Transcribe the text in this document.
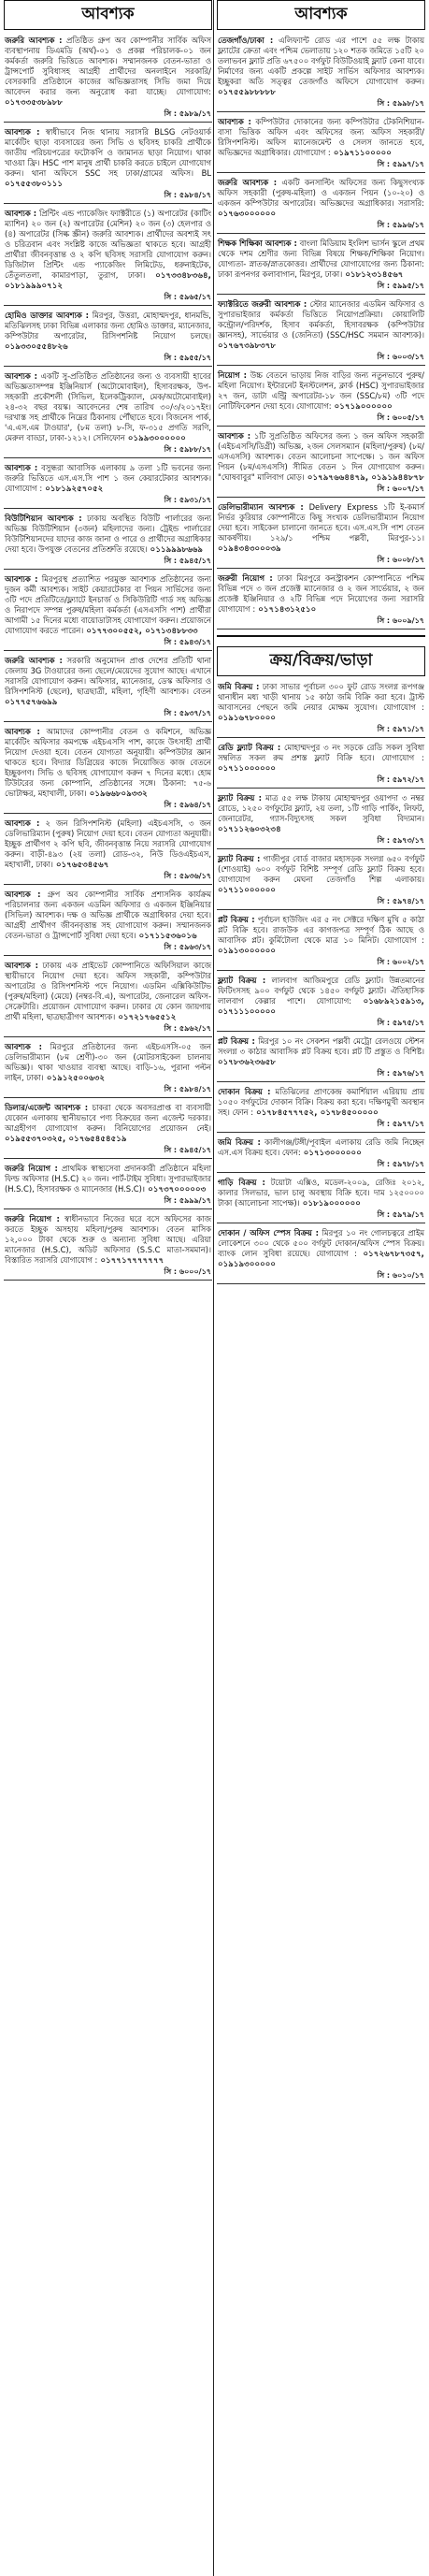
আবশ্যক
জরুরি আবশ্যক : প্রতিষ্ঠিত গ্রুপ অব কোম্পানীর সার্বিক অফিস ব্যবস্থাপনায় ডিএমডি (অর্থ)-০১ ও প্রকল্প পরিচালক-০১ জন কর্মকর্তা জরুরি ভিত্তিতে আবশ্যক। সম্মানজনক বেতন-ভাতা ও ট্রান্সপোর্ট সুবিধাসহ আগ্রহী প্রার্থীদের অনলাইনে সরকারি/বেসরকারি প্রতিষ্ঠানে কাজের অভিজ্ঞতাসহ সিভি জমা দিয়ে আবেদন করার জন্য অনুরোধ করা যাচ্ছে। যোগাযোগ: ০১৭৩৩৫৩৮৯৮৮
সি : ৫৯৮৯/১৭
আবশ্যক : স্বাধীভাবে নিজ থানায় সরাসরি BLSG নেটওয়ার্ক মার্কেটিং ছাড়া ব্যবসায়ের জন্য সিভি ও ছবিসহ চাকরি প্রার্থীকে জাতীয় পরিচয়পত্রের ফটোকপি ও জামানত ছাড়া নিয়োগ। থাকা খাওয়া ফ্রি। HSC পাশ মানুষ প্রার্থী চাকরি করতে চাইলে যোগাযোগ করুন। থানা অফিসে SSC সহ ঢাকা/গ্রামের অফিস। BL ০১৭৫৫৩৮০১১১
সি : ৫৯৮৪/১৭
আবশ্যক : প্রিন্টিং এন্ড প্যাকেজিং ফ্যাক্টরীতে (১) অপারেটর (কাটিং ম্যাশিন) ২০ জন (২) অপারেটর (মেশিন) ২০ জন (৩) হেলপার ও (৪) অপারেটর (সিল্ক স্ক্রীন) জরুরি আবশ্যক। প্রার্থীদের অবশ্যই সৎ ও চরিত্রবান এবং সংশ্লিষ্ট কাজে অভিজ্ঞতা থাকতে হবে। আগ্রহী প্রার্থীরা জীবনবৃত্তান্ত ও ২ কপি ছবিসহ সরাসরি যোগাযোগ করুন। ডিজিটাল প্রিন্টিং এন্ড প্যাকেজিং লিমিটেড, ধরুনাইটেক, তেঁতুলতলা, কামারপাড়া, তুরাগ, ঢাকা। ০১৭৩৩৪৮৩৬৪, ০১৮১৯৯৯০৭১২
সি : ৫৯৬৫/১৭
হোমিও ডাক্তার আবশ্যক : মিরপুর, উত্তরা, মোহাম্মদপুর, ধানমন্ডি, মতিঝিলসহ ঢাকা বিভিন্ন এলাকার জন্য হোমিও ডাক্তার, ম্যানেজার, কম্পিউটার অপারেটর, রিসিপশনিষ্ট নিয়োগ চলছে। ০১৯৩৩০৫৫৪৮২৬
সি : ৫৯৫৫/১৭
আবশ্যক : একটি সু-প্রতিষ্ঠিত প্রতিষ্ঠানের জন্য ও ব্যবসায়ী হাবের অভিজ্ঞতাসম্পন্ন ইঞ্জিনিয়ার্স (অটোমোবাইল), হিসাবরক্ষক, উপ-সহকারী প্রকৌশলী (সিভিল, ইলেকট্রিক্যাল, মেক/অটোমোবাইল) ২৪-৩২ বছর বয়স্ক। আবেদনের শেষ তারিখ ৩০/৩/২০১৭ইং। দরখাস্ত সহ প্রার্থীকে নিম্নের ঠিকানায় পৌঁছাতে হবে। বিজনেস পার্ক, 'এ.এস.এম টাওয়ার', (৮ম তলা) ৮-সি, ফ-৩১৫ প্রগতি সরণি, মেরুল বাড্ডা, ঢাকা-১২১২। সেলিফোন ০১৯৯৩০০০০০০
সি : ৫৯৮৮/১৭
আবশ্যক : বসুন্ধরা আবাসিক এলাকায় ৯ তলা ১টি ভবনের জন্য জরুরি ভিত্তিতে এস.এস.সি পাশ ১ জন কেয়ারটেকার আবশ্যক। যোগাযোগ : ০১৮১৯২৫৭০৫২
সি : ৫৯৩১/১৭
বিউটিশিয়ান আবশ্যক : ঢাকায় অবস্থিত বিউটি পার্লারের জন্য অভিজ্ঞ বিউটিশিয়ান (৩জন) মহিলাদের জন্য। ট্রেইন্ড পার্লারের বিউটিশিয়ানদের যাদের কাজ জানা ও পারে ও প্রার্থীদের অগ্রাধিকার দেয়া হবে। উপযুক্ত বেতনের প্রতিশ্রুতি রয়েছে। ০১১৯৯৯৮৬৬৯
সি : ৫৯৪৫/১৭
আবশ্যক : মিরপুরস্থ প্রত্যাশিত পরমুক্ত আবশ্যক প্রতিষ্ঠানের জন্য দুজন কর্মী আবশ্যক। সাইট কেয়ারটেকার বা পিয়ন সার্ভিসের জন্য ৩টি পদে প্রতিটিতে/ফ্ল্যাটে ইনচার্জ ও সিকিউরিটি গার্ড সহ অভিজ্ঞ ও নিরাপদে সম্পন্ন পুরুষ/মহিলা কর্মকর্তা (এসএসসি পাশ) প্রার্থীরা আগামী ১৫ দিনের মধ্যে বায়োডাটাসহ যোগাযোগ করুন। প্রয়োজনে যোগাযোগ করতে পারেন। ০১৭৭৩০০৫৫২, ০১৭১৩৪৮৮৩৩
সি : ৫৯৪৩/১৭
জরুরি আবশ্যক : সরকারি অনুমোদন প্রাপ্ত দেশের প্রতিটি থানা জেলায় 3G টাওয়ারের জন্য ছেলে/মেয়েদের সুযোগ আছে। এখানে সরাসরি যোগাযোগ করুন। অফিসার, ম্যানেজার, ডেস্ক অফিসার ও রিসিপশনিস্ট (ছেলে), ছাত্রছাত্রী, মহিলা, গৃহিণী আবশ্যক। বেতন ০১৭৭৫৭৬৬৯৯
সি : ৫৯৩৭/১৭
আবশ্যক : আমাদের কোম্পানীর বেতন ও কমিশনে, অভিজ্ঞ মার্কেটিং অফিসার কমপক্ষে এইচএসসি পাশ, কাজে উৎসাহী প্রার্থী নিয়োগ দেওয়া হবে। বেতন যোগ্যতা অনুযায়ী। কম্পিউটার জ্ঞান থাকতে হবে। বিদ্যার ডিগ্রিয়ের কাজে নিয়োজিত কাজ বেতনে ইচ্ছুকগণ। সিভি ও ছবিসহ যোগাযোগ করুন ৭ দিনের মধ্যে। হোম টিউটরের জন্য কোম্পানি, প্রতিষ্ঠানের সঙ্গে। ঠিকানা: ৭৫-৬ ভোটাক্ষর, মহাখালী, ঢাকা। ০১৯৬৬৮০৯৩৩২
সি : ৫৯৬৪/১৭
আবশ্যক : ২ জন রিসিপশনিস্ট (মহিলা) এইচএসসি, ৩ জন ডেলিভারিম্যান (পুরুষ) নিয়োগ দেয়া হবে। বেতন যোগ্যতা অনুযায়ী। ইচ্ছুক প্রার্থীগণ ২ কপি ছবি, জীবনবৃত্তান্ত নিয়ে সরাসরি যোগাযোগ করুন। বাড়ী-৪৯৩ (২য় তলা) রোড-৩২, নিউ ডিওএইচএস, মহাখালী, ঢাকা। ০১৭৬৫৩৪৫৬৭
সি : ৫৯৩৬/১৭
আবশ্যক : গ্রুপ অব কোম্পানীর সার্বিক প্রশাসনিক কার্যক্রম পরিচালনার জন্য একজন এডমিন অফিসার ও একজন ইঞ্জিনিয়ার (সিভিল) আবশ্যক। দক্ষ ও অভিজ্ঞ প্রার্থীকে অগ্রাধিকার দেয়া হবে। আগ্রহী প্রার্থীগণ জীবনবৃত্তান্ত সহ যোগাযোগ করুন। সম্মানজনক বেতন-ভাতা ও ট্রান্সপোর্ট সুবিধা দেয়া হবে। ০১৭১১৫৩৬০১৬
সি : ৫৯৬৩/১৭
আবশ্যক : ঢাকায় এক প্রাইভেট কোম্পানিতে অফিসিয়াল কাজে স্থায়ীভাবে নিয়োগ দেয়া হবে। অফিস সহকারী, কম্পিউটার অপারেটর ও রিসিপশনিস্ট পদে নিয়োগ। এডমিন এক্সিকিউটিভ (পুরুষ/মহিলা) (মেয়ে) (নম্বর-বি.এ), অপারেটর, জেনারেল অফিস-সেক্রেটারি। প্রয়োজন যোগাযোগ করুন। ঢাকার যে কোন জায়গায় প্রার্থী মহিলা, ছাত্রছাত্রীগণ আবশ্যক। ০১৭২১৭৬৫৫১২
সি : ৫৯৬২/১৭
আবশ্যক : মিরপুরে প্রতিষ্ঠানের জন্য এইচএসসি-০৫ জন ডেলিভারীম্যান (৮ম শ্রেণী)-৩০ জন (মোটরসাইকেল চালনায় অভিজ্ঞ)। থাকা খাওয়ার ব্যবস্থা আছে। বাড়ি-১৬, পুরানা পল্টন লাইন, ঢাকা। ০১৯১২৫০০৬৩২
সি : ৫৯৮৪/১৭
ডিলার/এজেন্ট আবশ্যক : চাকরা থেকে অবসরপ্রাপ্ত বা ব্যবসায়ী যেকোন এলাকায় স্থানীয়ভাবে পণ্য বিক্রয়ের জন্য এজেন্ট দরকার। আগ্রহীগণ যোগাযোগ করুন। বিনিয়োগের প্রয়োজন নেই। ০১৯৫৫৩৭০৩২৫, ০১৭৬৫৪৫৪৫১৯
সি : ৫৯৪৫/১৭
জরুরি নিয়োগ : প্রাথমিক স্বাস্থ্যসেবা প্রদানকারী প্রতিষ্ঠানে মহিলা ফিল্ড অফিসার (H.S.C) ২০ জন। পার্ট-টাইম সুবিধা। সুপারভাইজার (H.S.C), হিসাবরক্ষক ও ম্যানেজার (H.S.C)। ০১৭৩৭০০০০০৩
সি : ৫৯৯৯/১৭
জরুরি নিয়োগ : স্বাধীনভাবে নিজের ঘরে বসে অফিসের কাজ করতে ইচ্ছুক অসহায় মহিলা/পুরুষ আবশ্যক। বেতন মাসিক ১২,০০০ টাকা থেকে শুরু ও অন্যান্য সুবিধা আছে। এরিয়া ম্যানেজার (H.S.C), অডিট অফিসার (S.S.C মাতা-সমমান)। বিস্তারিত সরাসরি যোগাযোগ : ০১৭৭১৭৭৭৭৭৭৭
সি : ৬০০০/১৭
আবশ্যক
তেজগাঁও/ঢাকা : এলিফ্যান্ট রোড এর পাশে ৫৫ লক্ষ টাকায় ফ্ল্যাটের ক্রেতা এবং পশ্চিম ভেলাতায় ১২০ শতক জমিতে ১৫টি ২০ তলাভবন ফ্ল্যাট প্রতি ৬৭৫০০ বর্গফুট বিউটিওয়াই ফ্ল্যাট কেনা যাবে। নির্মাণের জন্য একটি প্রকল্পে সাইট সার্ভিস অফিসার আবশ্যক। ইচ্ছুকরা অতি সত্ত্বর তেজগাঁও অফিসে যোগাযোগ করুন। ০১৭৫৫৯৮৮৮৮৮
সি : ৫৯৯৮/১৭
আবশ্যক : কম্পিউটার দোকানের জন্য কম্পিউটার টেকনিশিয়ান-বাসা ভিত্তিক অফিস এবং অফিসের জন্য অফিস সহকারী/রিসিপশনিস্ট। অফিস ম্যানেজমেন্ট ও সেলস জানতে হবে, অভিজ্ঞদের অগ্রাধিকার। যোগাযোগ : ০১৯৭১১০০০০০
সি : ৫৯৯৭/১৭
জরুরি আবশ্যক : একটি কনসাল্টিং অফিসের জন্য কিছুসংখ্যক অফিস সহকারী (পুরুষ-মহিলা) ও একজন পিয়ন (১০-২০) ও একজন কম্পিউটার অপারেটর। অভিজ্ঞদের অগ্রাধিকার। সরাসরি: ০১৭৬৩০০০০০০
সি : ৫৯৯৬/১৭
শিক্ষক শিক্ষিকা আবশ্যক : বাংলা মিডিয়াম ইংলিশ ভার্সন স্কুলে প্রথম থেকে দশম শ্রেণীর জন্য বিভিন্ন বিষয়ে শিক্ষক/শিক্ষিকা নিয়োগ। যোগ্যতা- স্নাতক/স্নাতকোত্তর। প্রার্থীদের যোগাযোগের জন্য ঠিকানা: ঢাকা রূপনগর কলাবাগান, মিরপুর, ঢাকা। ০১৮১২৩১৪৫৬৭
সি : ৫৯৯৫/১৭
ফ্যাক্টরিতে জরুরী আবশ্যক : স্টোর ম্যানেজার এডমিন অফিসার ও সুপারভাইজার কর্মকর্তা ভিত্তিতে নিয়োগপ্রক্রিয়া। কোয়ালিটি কন্ট্রোল/পরিদর্শক, হিসাব কর্মকর্তা, হিসাবরক্ষক (কম্পিউটার জ্ঞানসহ), সার্ভেয়ার ও (জেনিতা) (SSC/HSC সমমান আবশ্যক)। ০১৭৬৭৩৯৮৩৭৮
সি : ৬০০৩/১৭
নিয়োগ : উচ্চ বেতনে ভাড়ায় নিজ বাড়ির জন্য নতুনভাবে পুরুষ/মহিলা নিয়োগ। ইন্টারনেট ইনস্টলেশন, ক্লার্ক (HSC) সুপারভাইজার ২৭ জন, ডাটা এন্ট্রি অপারেটর-১৮ জন (SSC/৮ম) ৩টি পদে নোটিফিকেশন দেয়া হবে। যোগাযোগ: ০১৭১৯০০০০০০
সি : ৬০০৫/১৭
আবশ্যক : ১টি সুপ্রতিষ্ঠিত অফিসের জন্য ১ জন অফিস সহকারী (এইচএসসি/ডিগ্রী) অভিজ্ঞ, ২জন সেলসম্যান (মহিলা/পুরুষ) (৮ম/এসএসসি) আবশ্যক। বেতন আলোচনা সাপেক্ষে। ১ জন অফিস পিয়ন (৮ম/এসএসসি) সীমিত বেতন ১ দিন যোগাযোগ করুন। "ঘোষবাবুর" মালিবাগ মোড়। ০১৭৯৭৬৬৪৪৭৯, ০১৯১৯৪৪৮৭৮
সি : ৬০০৭/১৭
ডেলিভারীম্যান আবশ্যক : Delivery Express ১টি ই-কমার্স নির্ভর কুরিয়ার কোম্পানীতে কিছু সংখ্যক ডেলিভারীম্যান নিয়োগ দেয়া হবে। সাইকেল চালানো জানতে হবে। এস.এস.সি পাশ বেতন আকর্ষণীয়। ১২৯/১ পশ্চিম পল্লবী, মিরপুর-১১। ০১৯৪৩৪৩০০০৩৯
সি : ৬০০৮/১৭
জরুরী নিয়োগ : ঢাকা মিরপুরে কনস্ট্রাকশন কোম্পানিতে পশ্চিম বিভিন্ন পদে ৩ জন প্রজেক্ট ম্যানেজার ও ২ জন সার্ভেয়ার, ২ জন প্রজেক্ট ইঞ্জিনিয়ার ও ২টি বিভিন্ন পদে নিয়োগের জন্য সরাসরি যোগাযোগ : ০১৭১৪৩১২৫১০
সি : ৬০০৯/১৭
ক্রয়/বিক্রয়/ভাড়া
জমি বিক্রয় : ঢাকা সাভার পূর্বাচল ৩০০ ফুট রোড সংলগ্ন রূপগঞ্জ থানাধীন মধ্য খাড়ী থানায় ১৫ কাঠা জমি বিক্রি করা হবে। ট্রাস্ট আবাসনের পেছনে জমি নেয়ার মোক্ষম সুযোগ। যোগাযোগ : ০১৯১৬৭৮০০০০
সি : ৫৯৭১/১৭
রেডি ফ্ল্যাট বিক্রয় : মোহাম্মদপুর ৩ নং সড়কে রেডি সকল সুবিধা সম্বলিত সকল রুম প্রশস্ত ফ্ল্যাট বিক্রি হবে। যোগাযোগ : ০১৭১১০০০০০০
সি : ৫৯৭২/১৭
ফ্ল্যাট বিক্রয় : মাত্র ৫৫ লক্ষ টাকায় মোহাম্মদপুর ওয়াপদা ৩ নম্বর রোডে, ১২৫০ বর্গফুটের ফ্ল্যাট, ২য় তলা, ১টি গাড়ি পার্কিং, লিফট, জেনারেটর, গ্যাস-বিদ্যুৎসহ সকল সুবিধা বিদ্যমান। ০১৭১১২৬০৩২৩৪
সি : ৫৯৭৩/১৭
ফ্ল্যাট বিক্রয় : গাজীপুর বোর্ড বাজার মহাসড়ক সংলগ্ন ৬৫০ বর্গফুট (শোওয়াই) ৬০০ বর্গফুট বিশিষ্ট সম্পূর্ণ রেডি ফ্ল্যাট বিক্রয় হবে। যোগাযোগ করুন মেঘনা তেজগাঁও শিল্প এলাকায়। ০১৭১১০০০০০০
সি : ৫৯৭৪/১৭
প্লট বিক্রয় : পূর্বাচল হাউজিং এর ৫ নং সেক্টরে দক্ষিণ মুখি ৫ কাঠা প্লট বিক্রি হবে। রাজউক এর কাগজপত্র সম্পূর্ণ ঠিক আছে ও আবাসিক প্লট। কুর্মিটোলা থেকে মাত্র ১০ মিনিট। যোগাযোগ : ০১৯১৩০০০০০০
সি : ৬০০২/১৭
ফ্ল্যাট বিক্রয় : লালবাগ আজিমপুরে রেডি ফ্ল্যাট। উন্নতমানের ফিটিংসসহ ৯০০ বর্গফুট থেকে ১৪৫০ বর্গফুট ফ্ল্যাট। ঐতিহাসিক লালবাগ কেল্লার পাশে। যোগাযোগ: ০১৬৮৯২১৫৯১৩, ০১৭১১১০০০০০
সি : ৫৯৭৫/১৭
প্লট বিক্রয় : মিরপুর ১০ নং সেকশন পল্লবী মেট্রো রেলওয়ে স্টেশন সংলগ্ন ৩ কাঠার আবাসিক প্লট বিক্রয় হবে। প্লট টি প্রস্তুত ও বিশিষ্ট। ০১৭৮৩৬২৩৬৫৮
সি : ৫৯৭৬/১৭
দোকান বিক্রয় : মতিঝিলের প্রাণকেন্দ্র কমার্শিয়াল এরিয়ায় প্রায় ১০৫০ বর্গফুটের দোকান বিক্রি। বিক্রয় করা হবে। দক্ষিণমুখী অবস্থান সহ। ফোন : ০১৭৮৪৫৭৭৭৫২, ০১৭৮৪৫০০০০০
সি : ৫৯৭৭/১৭
জমি বিক্রয় : কালীগঞ্জ/টঙ্গী/পূবাইল এলাকায় রেডি জমি নিচ্ছেন এস.এস বিক্রয় হবে। ফোন: ০১৭১৩০০০০০০
সি : ৫৯৭৮/১৭
গাড়ি বিক্রয় : টয়োটা এক্সিও, মডেল-২০০৯, রেজিঃ ২০১২, কালার সিলভার, ভাল চালু অবস্থায় বিক্রি হবে। দাম ১২৫০০০০ টাকা (আলোচনা সাপেক্ষ)। ০১৮১৯০০০০০০
সি : ৫৯৭৯/১৭
দোকান / অফিস স্পেস বিক্রয় : মিরপুর ১০ নং গোলচত্বরে প্রাইম লোকেশনে ৩০০ থেকে ৫০০ বর্গফুট দোকান/অফিস স্পেস বিক্রয়। ব্যাংক লোন সুবিধা রয়েছে। যোগাযোগ : ০১৭২৬৭৮৭৩৫৭, ০১৯১৯৩০০০০০
সি : ৬০১০/১৭
